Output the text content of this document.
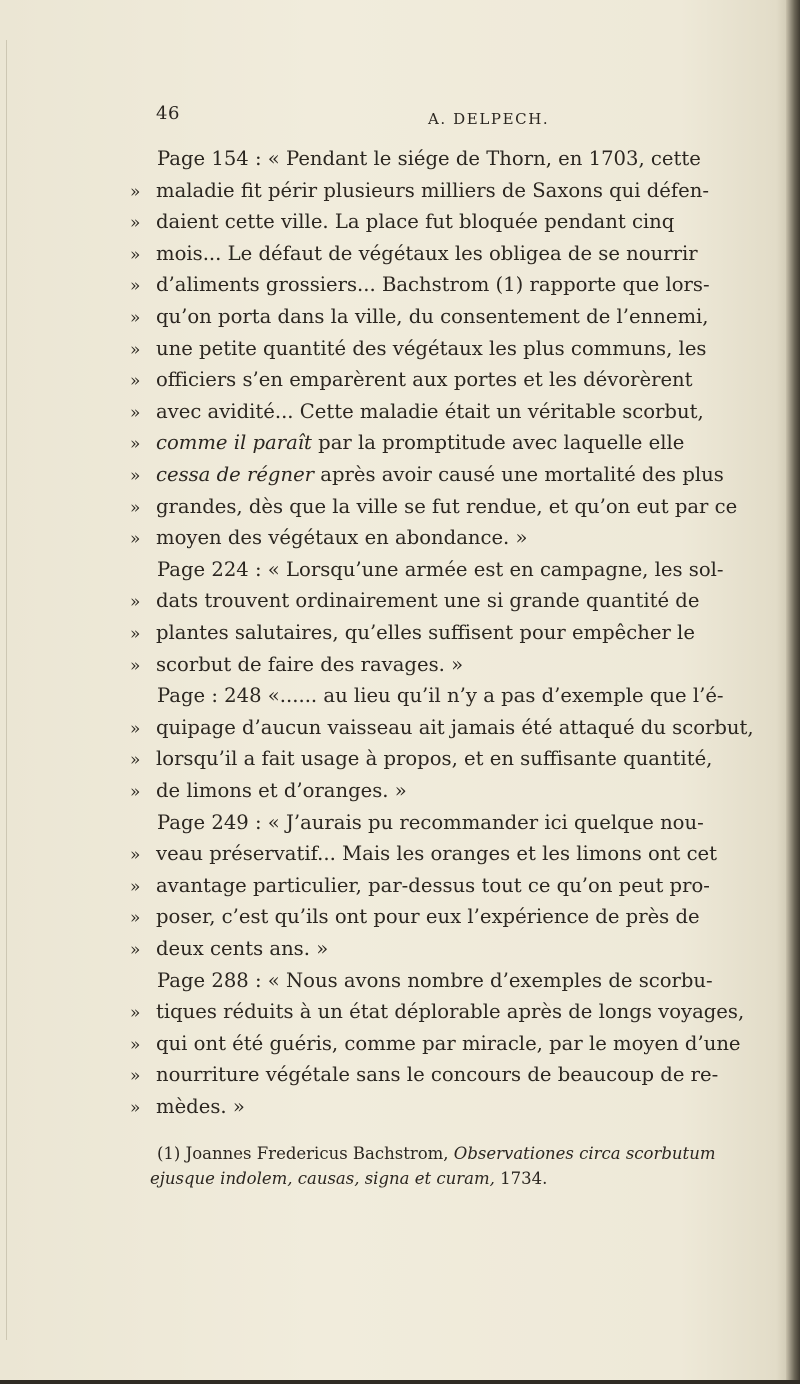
46	A. DELPECH.
Page 154 : « Pendant le siége de Thorn, en 1703, cette
» maladie fit périr plusieurs milliers de Saxons qui défen-
» daient cette ville. La place fut bloquée pendant cinq
» mois... Le défaut de végétaux les obligea de se nourrir
» d’aliments grossiers... Bachstrom (1) rapporte que lors-
» qu’on porta dans la ville, du consentement de l’ennemi,
» une petite quantité des végétaux les plus communs, les
» officiers s’en emparèrent aux portes et les dévorèrent
» avec avidité... Cette maladie était un véritable scorbut,
» comme il paraît par la promptitude avec laquelle elle
» cessa de régner après avoir causé une mortalité des plus
» grandes, dès que la ville se fut rendue, et qu’on eut par ce
» moyen des végétaux en abondance. »
Page 224 : « Lorsqu’une armée est en campagne, les sol-
» dats trouvent ordinairement une si grande quantité de
» plantes salutaires, qu’elles suffisent pour empêcher le
» scorbut de faire des ravages. »
Page : 248 «...... au lieu qu’il n’y a pas d’exemple que l’é-
» quipage d’aucun vaisseau ait jamais été attaqué du scorbut,
» lorsqu’il a fait usage à propos, et en suffisante quantité,
» de limons et d’oranges. »
Page 249 : « J’aurais pu recommander ici quelque nou-
» veau préservatif... Mais les oranges et les limons ont cet
» avantage particulier, par-dessus tout ce qu’on peut pro-
» poser, c’est qu’ils ont pour eux l’expérience de près de
» deux cents ans. »
Page 288 : « Nous avons nombre d’exemples de scorbu-
» tiques réduits à un état déplorable après de longs voyages,
» qui ont été guéris, comme par miracle, par le moyen d’une
» nourriture végétale sans le concours de beaucoup de re-
» mèdes. »
(1) Joannes Fredericus Bachstrom, Observationes circa scorbutum
ejusque indolem, causas, signa et curam, 1734.
